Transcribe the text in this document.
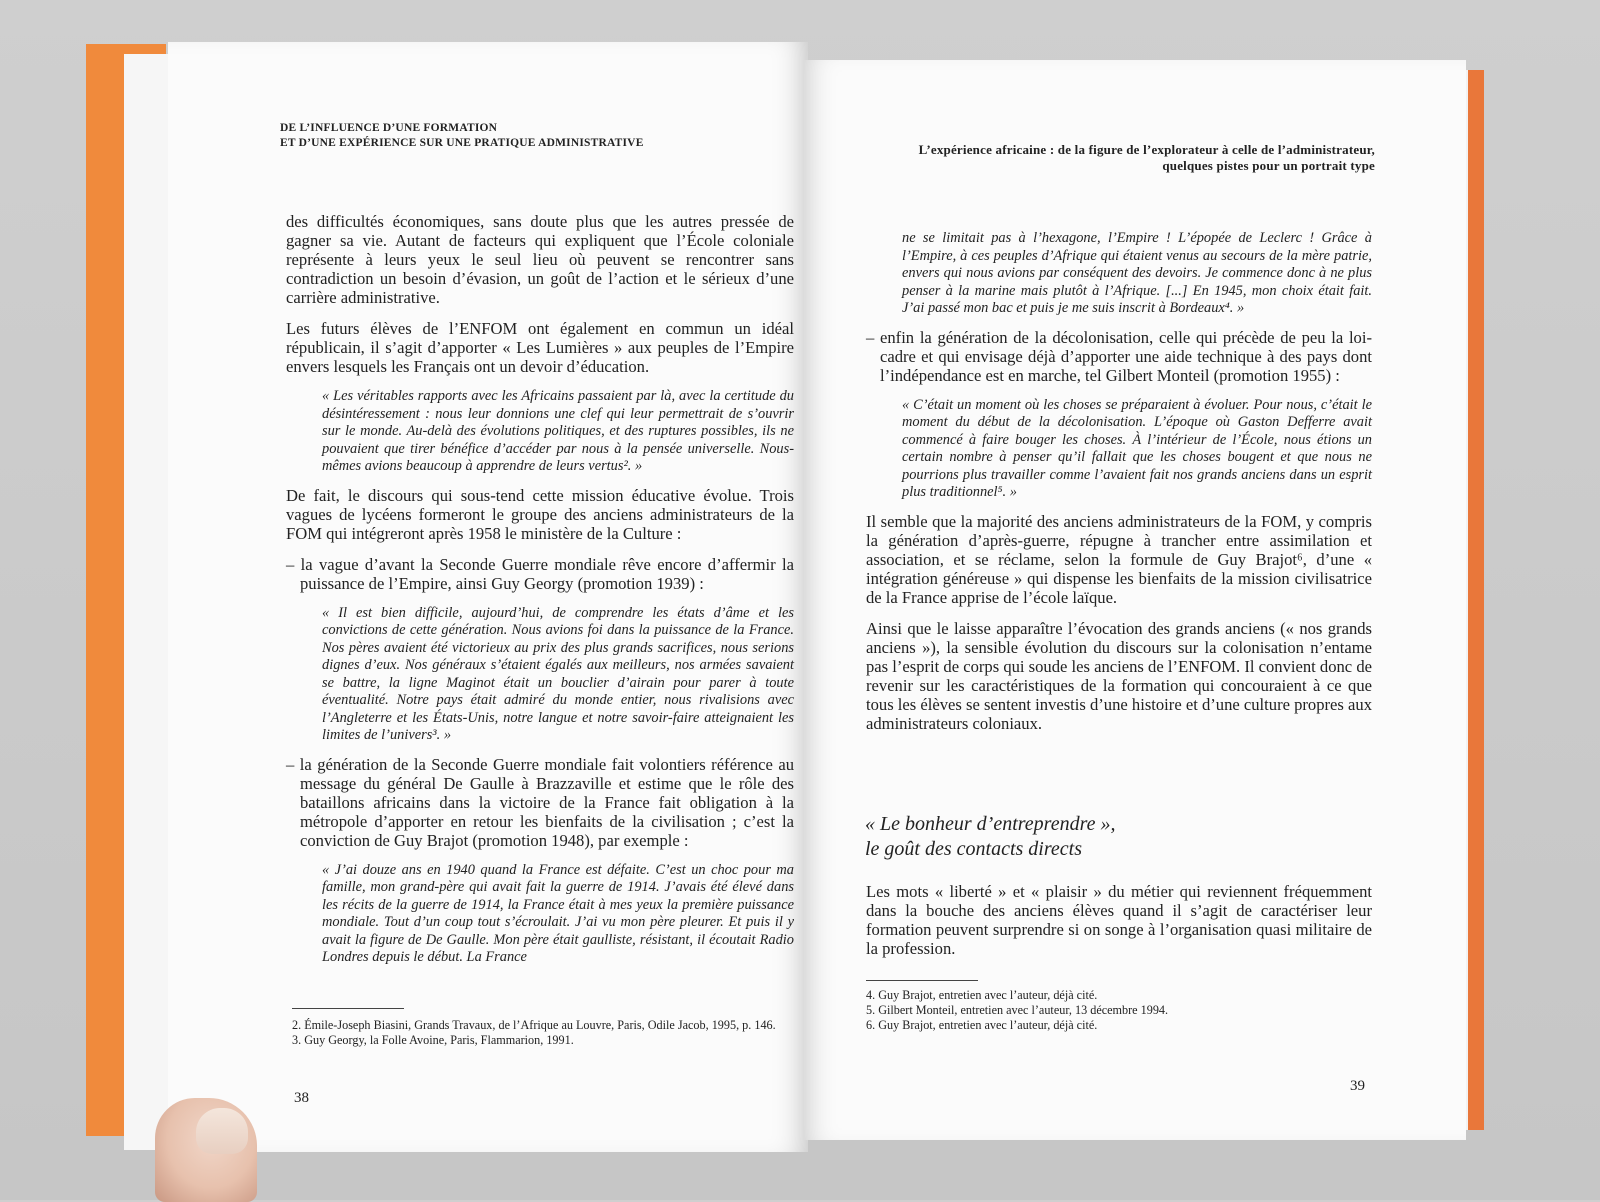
DE L’INFLUENCE D’UNE FORMATION
ET D’UNE EXPÉRIENCE SUR UNE PRATIQUE ADMINISTRATIVE

des difficultés économiques, sans doute plus que les autres pressée de gagner sa vie. Autant de facteurs qui expliquent que l’École coloniale représente à leurs yeux le seul lieu où peuvent se rencontrer sans contradiction un besoin d’évasion, un goût de l’action et le sérieux d’une carrière administrative.

Les futurs élèves de l’ENFOM ont également en commun un idéal républicain, il s’agit d’apporter « Les Lumières » aux peuples de l’Empire envers lesquels les Français ont un devoir d’éducation.

« Les véritables rapports avec les Africains passaient par là, avec la certitude du désintéressement : nous leur donnions une clef qui leur permettrait de s’ouvrir sur le monde. Au-delà des évolutions politiques, et des ruptures possibles, ils ne pouvaient que tirer bénéfice d’accéder par nous à la pensée universelle. Nous-mêmes avions beaucoup à apprendre de leurs vertus². »

De fait, le discours qui sous-tend cette mission éducative évolue. Trois vagues de lycéens formeront le groupe des anciens administrateurs de la FOM qui intégreront après 1958 le ministère de la Culture :

– la vague d’avant la Seconde Guerre mondiale rêve encore d’affermir la puissance de l’Empire, ainsi Guy Georgy (promotion 1939) :

« Il est bien difficile, aujourd’hui, de comprendre les états d’âme et les convictions de cette génération. Nous avions foi dans la puissance de la France. Nos pères avaient été victorieux au prix des plus grands sacrifices, nous serions dignes d’eux. Nos généraux s’étaient égalés aux meilleurs, nos armées savaient se battre, la ligne Maginot était un bouclier d’airain pour parer à toute éventualité. Notre pays était admiré du monde entier, nous rivalisions avec l’Angleterre et les États-Unis, notre langue et notre savoir-faire atteignaient les limites de l’univers³. »

– la génération de la Seconde Guerre mondiale fait volontiers référence au message du général De Gaulle à Brazzaville et estime que le rôle des bataillons africains dans la victoire de la France fait obligation à la métropole d’apporter en retour les bienfaits de la civilisation ; c’est la conviction de Guy Brajot (promotion 1948), par exemple :

« J’ai douze ans en 1940 quand la France est défaite. C’est un choc pour ma famille, mon grand-père qui avait fait la guerre de 1914. J’avais été élevé dans les récits de la guerre de 1914, la France était à mes yeux la première puissance mondiale. Tout d’un coup tout s’écroulait. J’ai vu mon père pleurer. Et puis il y avait la figure de De Gaulle. Mon père était gaulliste, résistant, il écoutait Radio Londres depuis le début. La France
2. Émile-Joseph Biasini, Grands Travaux, de l’Afrique au Louvre, Paris, Odile Jacob, 1995, p. 146.
3. Guy Georgy, la Folle Avoine, Paris, Flammarion, 1991.
38
L’expérience africaine : de la figure de l’explorateur à celle de l’administrateur,
quelques pistes pour un portrait type
ne se limitait pas à l’hexagone, l’Empire ! L’épopée de Leclerc ! Grâce à l’Empire, à ces peuples d’Afrique qui étaient venus au secours de la mère patrie, envers qui nous avions par conséquent des devoirs. Je commence donc à ne plus penser à la marine mais plutôt à l’Afrique. [...] En 1945, mon choix était fait. J’ai passé mon bac et puis je me suis inscrit à Bordeaux⁴. »

– enfin la génération de la décolonisation, celle qui précède de peu la loi-cadre et qui envisage déjà d’apporter une aide technique à des pays dont l’indépendance est en marche, tel Gilbert Monteil (promotion 1955) :

« C’était un moment où les choses se préparaient à évoluer. Pour nous, c’était le moment du début de la décolonisation. L’époque où Gaston Defferre avait commencé à faire bouger les choses. À l’intérieur de l’École, nous étions un certain nombre à penser qu’il fallait que les choses bougent et que nous ne pourrions plus travailler comme l’avaient fait nos grands anciens dans un esprit plus traditionnel⁵. »

Il semble que la majorité des anciens administrateurs de la FOM, y compris la génération d’après-guerre, répugne à trancher entre assimilation et association, et se réclame, selon la formule de Guy Brajot⁶, d’une « intégration généreuse » qui dispense les bienfaits de la mission civilisatrice de la France apprise de l’école laïque.

Ainsi que le laisse apparaître l’évocation des grands anciens (« nos grands anciens »), la sensible évolution du discours sur la colonisation n’entame pas l’esprit de corps qui soude les anciens de l’ENFOM. Il convient donc de revenir sur les caractéristiques de la formation qui concouraient à ce que tous les élèves se sentent investis d’une histoire et d’une culture propres aux administrateurs coloniaux.

« Le bonheur d’entreprendre »,
le goût des contacts directs

Les mots « liberté » et « plaisir » du métier qui reviennent fréquemment dans la bouche des anciens élèves quand il s’agit de caractériser leur formation peuvent surprendre si on songe à l’organisation quasi militaire de la profession.

4. Guy Brajot, entretien avec l’auteur, déjà cité.
5. Gilbert Monteil, entretien avec l’auteur, 13 décembre 1994.
6. Guy Brajot, entretien avec l’auteur, déjà cité.
39
